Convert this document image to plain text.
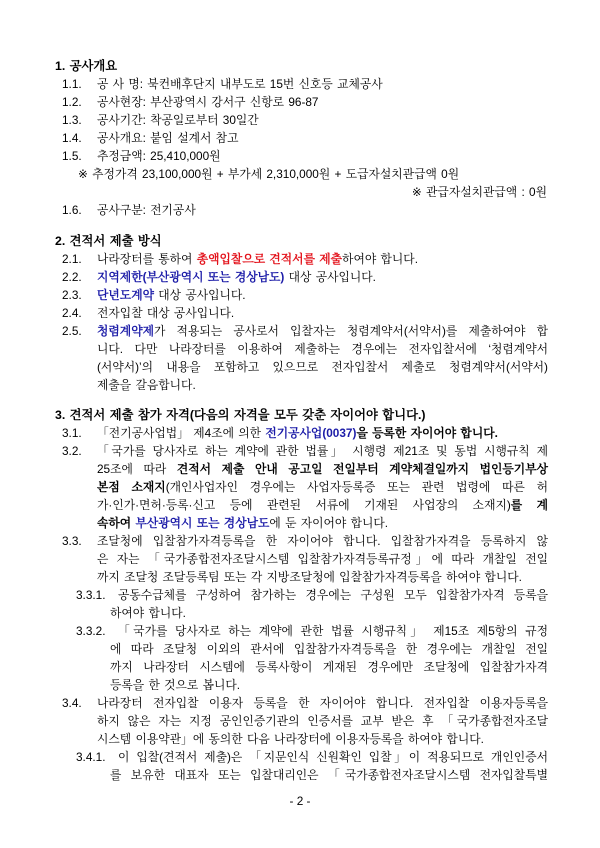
1. 공사개요
1.1. 공 사 명: 북컨배후단지 내부도로 15번 신호등 교체공사
1.2. 공사현장: 부산광역시 강서구 신항로 96-87
1.3. 공사기간: 착공일로부터 30일간
1.4. 공사개요: 붙임 설계서 참고
1.5. 추정금액: 25,410,000원
※ 추정가격 23,100,000원 + 부가세 2,310,000원 + 도급자설치관급액 0원
※ 관급자설치관급액 : 0원
1.6. 공사구분: 전기공사
2. 견적서 제출 방식
2.1. 나라장터를 통하여 총액입찰으로 견적서를 제출하여야 합니다.
2.2. 지역제한(부산광역시 또는 경상남도) 대상 공사입니다.
2.3. 단년도계약 대상 공사입니다.
2.4. 전자입찰 대상 공사입니다.
2.5. 청렴계약제가 적용되는 공사로서 입찰자는 청렴계약서(서약서)를 제출하여야 합
니다. 다만 나라장터를 이용하여 제출하는 경우에는 전자입찰서에 ‘청렴계약서
(서약서)’의 내용을 포함하고 있으므로 전자입찰서 제출로 청렴계약서(서약서)
제출을 갈음합니다.
3. 견적서 제출 참가 자격(다음의 자격을 모두 갖춘 자이어야 합니다.)
3.1. 「전기공사업법」 제4조에 의한 전기공사업(0037)을 등록한 자이어야 합니다.
3.2. 「국가를 당사자로 하는 계약에 관한 법률」 시행령 제21조 및 동법 시행규칙 제
25조에 따라 견적서 제출 안내 공고일 전일부터 계약체결일까지 법인등기부상
본점 소재지(개인사업자인 경우에는 사업자등록증 또는 관련 법령에 따른 허
가·인가·면허·등록·신고 등에 관련된 서류에 기재된 사업장의 소재지)를 계
속하여 부산광역시 또는 경상남도에 둔 자이어야 합니다.
3.3. 조달청에 입찰참가자격등록을 한 자이어야 합니다. 입찰참가자격을 등록하지 않
은 자는 「국가종합전자조달시스템 입찰참가자격등록규정」에 따라 개찰일 전일
까지 조달청 조달등록팀 또는 각 지방조달청에 입찰참가자격등록을 하여야 합니다.
3.3.1. 공동수급체를 구성하여 참가하는 경우에는 구성원 모두 입찰참가자격 등록을
하여야 합니다.
3.3.2. 「국가를 당사자로 하는 계약에 관한 법률 시행규칙」 제15조 제5항의 규정
에 따라 조달청 이외의 관서에 입찰참가자격등록을 한 경우에는 개찰일 전일
까지 나라장터 시스템에 등록사항이 게재된 경우에만 조달청에 입찰참가자격
등록을 한 것으로 봅니다.
3.4. 나라장터 전자입찰 이용자 등록을 한 자이어야 합니다. 전자입찰 이용자등록을
하지 않은 자는 지정 공인인증기관의 인증서를 교부 받은 후 「국가종합전자조달
시스템 이용약관」에 동의한 다음 나라장터에 이용자등록을 하여야 합니다.
3.4.1. 이 입찰(견적서 제출)은 「지문인식 신원확인 입찰」이 적용되므로 개인인증서
를 보유한 대표자 또는 입찰대리인은 「국가종합전자조달시스템 전자입찰특별
- 2 -
